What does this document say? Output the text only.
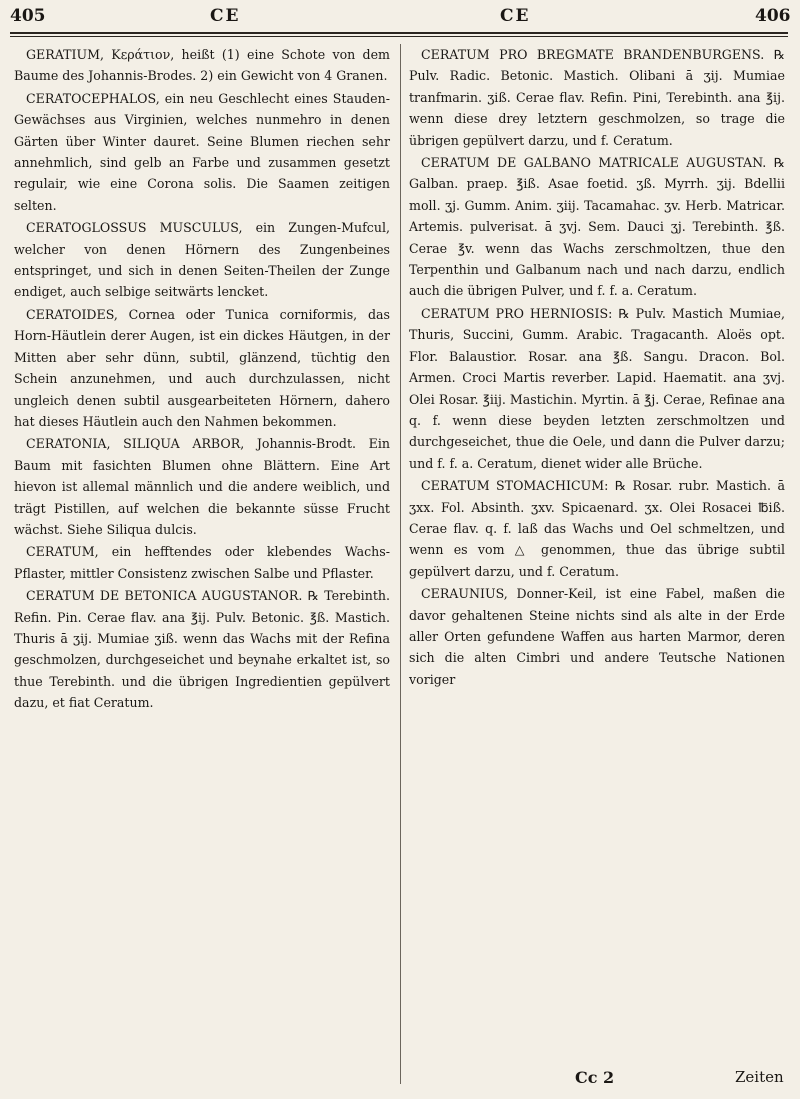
405	CE	CE	406

GERATIUM, Κεράτιον, heißt (1) eine Schote von dem Baume des Johannis-Brodes. 2) ein Gewicht von 4 Granen.

CERATOCEPHALOS, ein neu Geschlecht eines Stauden-Gewächses aus Virginien, welches nunmehro in denen Gärten über Winter dauret. Seine Blumen riechen sehr annehmlich, sind gelb an Farbe und zusammen gesetzt regulair, wie eine Corona solis. Die Saamen zeitigen selten.

CERATOGLOSSUS MUSCULUS, ein Zungen-Mufcul, welcher von denen Hörnern des Zungenbeines entspringet, und sich in denen Seiten-Theilen der Zunge endiget, auch selbige seitwärts lencket.

CERATOIDES, Cornea oder Tunica corniformis, das Horn-Häutlein derer Augen, ist ein dickes Häutgen, in der Mitten aber sehr dünn, subtil, glänzend, tüchtig den Schein anzunehmen, und auch durchzulassen, nicht ungleich denen subtil ausgearbeiteten Hörnern, dahero hat dieses Häutlein auch den Nahmen bekommen.

CERATONIA, SILIQUA ARBOR, Johannis-Brodt. Ein Baum mit fasichten Blumen ohne Blättern. Eine Art hievon ist allemal männlich und die andere weiblich, und trägt Pistillen, auf welchen die bekannte süsse Frucht wächst. Siehe Siliqua dulcis.

CERATUM, ein hefftendes oder klebendes Wachs-Pflaster, mittler Consistenz zwischen Salbe und Pflaster.

CERATUM DE BETONICA AUGUSTANOR. ℞ Terebinth. Refin. Pin. Cerae flav. ana ℥ij. Pulv. Betonic. ℥ß. Mastich. Thuris ā ʒij. Mumiae ʒiß. wenn das Wachs mit der Refina geschmolzen, durchgeseichet und beynahe erkaltet ist, so thue Terebinth. und die übrigen Ingredientien gepülvert dazu, et fiat Ceratum.

CERATUM PRO BREGMATE BRANDENBURGENS. ℞ Pulv. Radic. Betonic. Mastich. Olibani ā ʒij. Mumiae tranfmarin. ʒiß. Cerae flav. Refin. Pini, Terebinth. ana ℥ij. wenn diese drey letztern geschmolzen, so trage die übrigen gepülvert darzu, und f. Ceratum.

CERATUM DE GALBANO MATRICALE AUGUSTAN. ℞ Galban. praep. ℥iß. Asae foetid. ʒß. Myrrh. ʒij. Bdellii moll. ʒj. Gumm. Anim. ʒiij. Tacamahac. ʒv. Herb. Matricar. Artemis. pulverisat. ā ʒvj. Sem. Dauci ʒj. Terebinth. ℥ß. Cerae ℥v. wenn das Wachs zerschmoltzen, thue den Terpenthin und Galbanum nach und nach darzu, endlich auch die übrigen Pulver, und f. f. a. Ceratum.

CERATUM PRO HERNIOSIS: ℞ Pulv. Mastich Mumiae, Thuris, Succini, Gumm. Arabic. Tragacanth. Aloës opt. Flor. Balaustior. Rosar. ana ℥ß. Sangu. Dracon. Bol. Armen. Croci Martis reverber. Lapid. Haematit. ana ʒvj. Olei Rosar. ℥iij. Mastichin. Myrtin. ā ℥j. Cerae, Refinae ana q. f. wenn diese beyden letzten zerschmoltzen und durchgeseichet, thue die Oele, und dann die Pulver darzu; und f. f. a. Ceratum, dienet wider alle Brüche.

CERATUM STOMACHICUM: ℞ Rosar. rubr. Mastich. ā ʒxx. Fol. Absinth. ʒxv. Spicaenard. ʒx. Olei Rosacei ℔iß. Cerae flav. q. f. laß das Wachs und Oel schmeltzen, und wenn es vom △ genommen, thue das übrige subtil gepülvert darzu, und f. Ceratum.

CERAUNIUS, Donner-Keil, ist eine Fabel, maßen die davor gehaltenen Steine nichts sind als alte in der Erde aller Orten gefundene Waffen aus harten Marmor, deren sich die alten Cimbri und andere Teutsche Nationen voriger

Cc 2	Zeiten
